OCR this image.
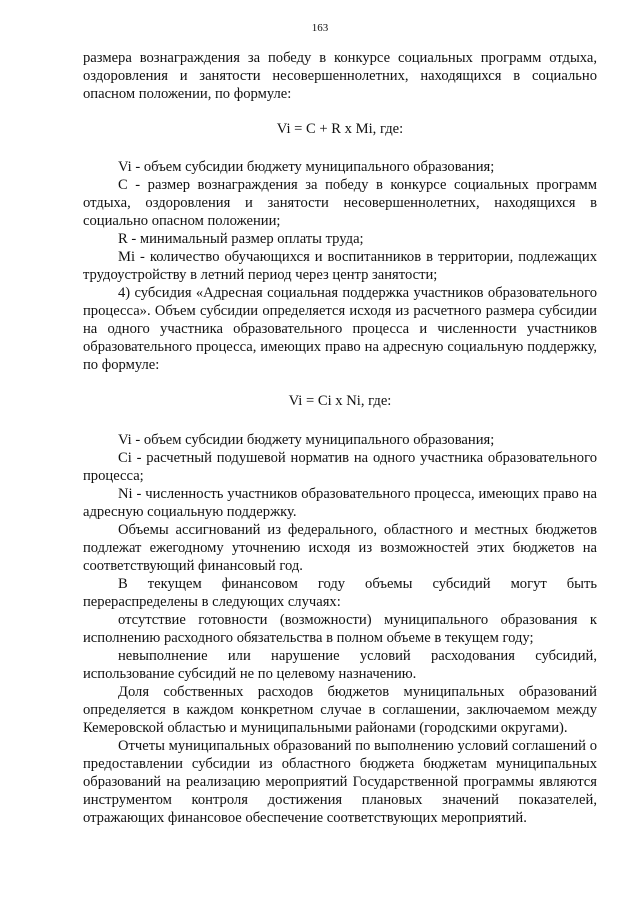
163

размера вознаграждения за победу в конкурсе социальных программ отдыха, оздоровления и занятости несовершеннолетних, находящихся в социально опасном положении, по формуле:

Vi = C + R x Mi, где:

Vi - объем субсидии бюджету муниципального образования;

C - размер вознаграждения за победу в конкурсе социальных программ отдыха, оздоровления и занятости несовершеннолетних, находящихся в социально опасном положении;

R - минимальный размер оплаты труда;

Mi - количество обучающихся и воспитанников в территории, подлежащих трудоустройству в летний период через центр занятости;

4) субсидия «Адресная социальная поддержка участников образовательного процесса». Объем субсидии определяется исходя из расчетного размера субсидии на одного участника образовательного процесса и численности участников образовательного процесса, имеющих право на адресную социальную поддержку, по формуле:

Vi = Ci x Ni, где:

Vi - объем субсидии бюджету муниципального образования;

Ci - расчетный подушевой норматив на одного участника образовательного процесса;

Ni - численность участников образовательного процесса, имеющих право на адресную социальную поддержку.

Объемы ассигнований из федерального, областного и местных бюджетов подлежат ежегодному уточнению исходя из возможностей этих бюджетов на соответствующий финансовый год.

В текущем финансовом году объемы субсидий могут быть перераспределены в следующих случаях:

отсутствие готовности (возможности) муниципального образования к исполнению расходного обязательства в полном объеме в текущем году;

невыполнение или нарушение условий расходования субсидий, использование субсидий не по целевому назначению.

Доля собственных расходов бюджетов муниципальных образований определяется в каждом конкретном случае в соглашении, заключаемом между Кемеровской областью и муниципальными районами (городскими округами).

Отчеты муниципальных образований по выполнению условий соглашений о предоставлении субсидии из областного бюджета бюджетам муниципальных образований на реализацию мероприятий Государственной программы являются инструментом контроля достижения плановых значений показателей, отражающих финансовое обеспечение соответствующих мероприятий.
